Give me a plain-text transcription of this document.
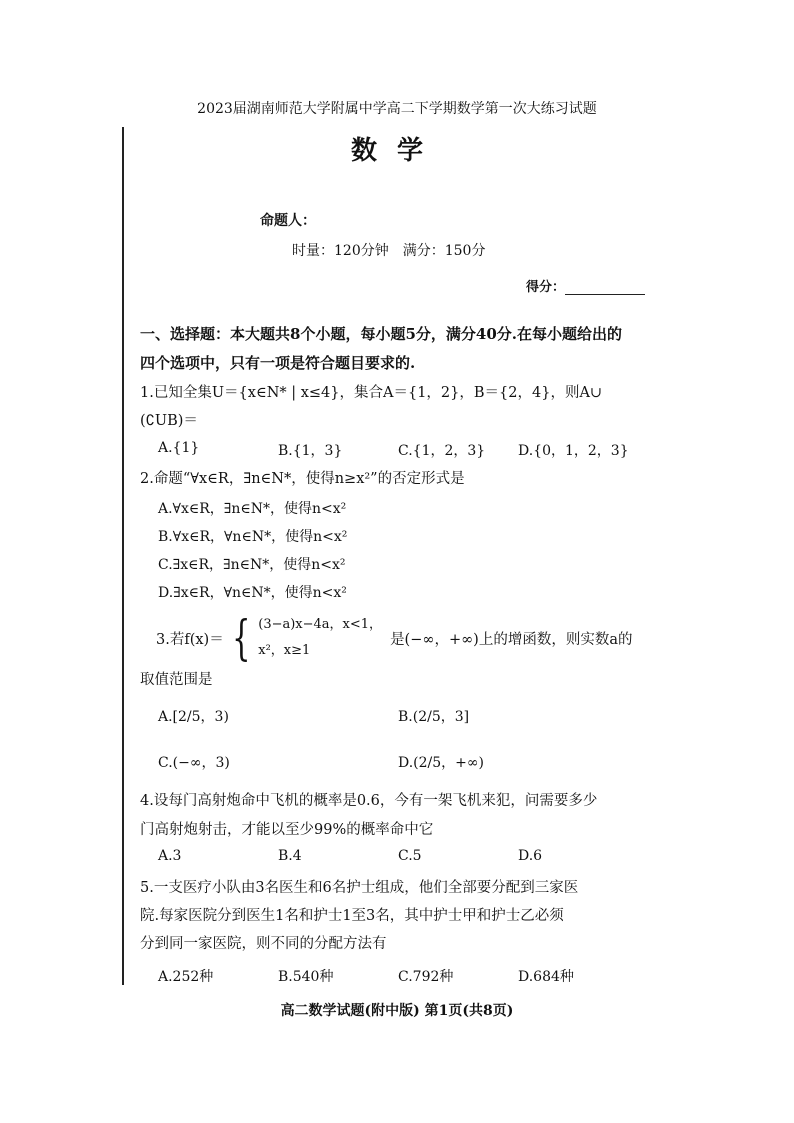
2023届湖南师范大学附属中学高二下学期数学第一次大练习试题
数学
命题人：
时量：120分钟　满分：150分
得分：
一、选择题：本大题共8个小题，每小题5分，满分40分.在每小题给出的
四个选项中，只有一项是符合题目要求的.
1.已知全集U＝{x∈N* | x≤4}，集合A＝{1，2}，B＝{2，4}，则A∪
(∁UB)＝
A.{1}	B.{1，3}	C.{1，2，3}	D.{0，1，2，3}
2.命题“∀x∈R，∃n∈N*，使得n≥x²”的否定形式是
A.∀x∈R，∃n∈N*，使得n<x²
B.∀x∈R，∀n∈N*，使得n<x²
C.∃x∈R，∃n∈N*，使得n<x²
D.∃x∈R，∀n∈N*，使得n<x²
3.若f(x)＝ { (3−a)x−4a，x<1，
x²，x≥1
是(−∞，+∞)上的增函数，则实数a的
取值范围是
A.[2/5，3)	B.(2/5，3]
C.(−∞，3)	D.(2/5，+∞)
4.设每门高射炮命中飞机的概率是0.6，今有一架飞机来犯，问需要多少
门高射炮射击，才能以至少99%的概率命中它
A.3	B.4	C.5	D.6
5.一支医疗小队由3名医生和6名护士组成，他们全部要分配到三家医
院.每家医院分到医生1名和护士1至3名，其中护士甲和护士乙必须
分到同一家医院，则不同的分配方法有
A.252种	B.540种	C.792种	D.684种
高二数学试题(附中版) 第1页(共8页)
